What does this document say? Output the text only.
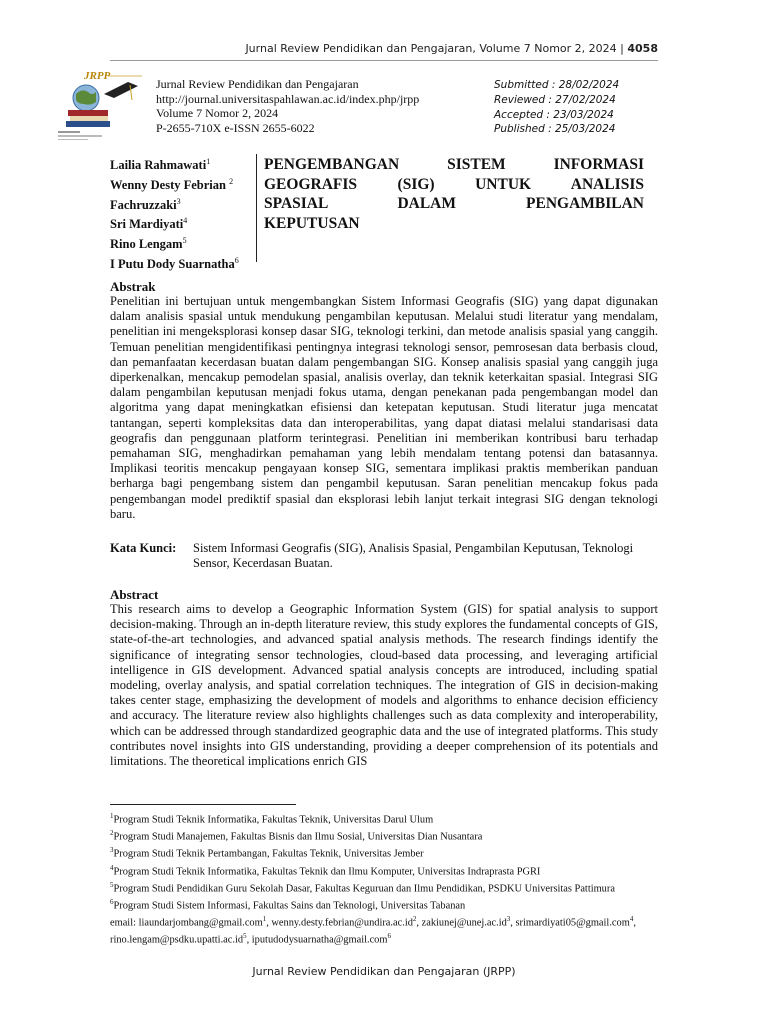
Jurnal Review Pendidikan dan Pengajaran, Volume 7 Nomor 2, 2024 | 4058
JRPP
Jurnal Review Pendidikan dan Pengajaran
http://journal.universitaspahlawan.ac.id/index.php/jrpp
Volume 7 Nomor 2, 2024
P-2655-710X e-ISSN 2655-6022
Submitted : 28/02/2024
Reviewed : 27/02/2024
Accepted : 23/03/2024
Published : 25/03/2024
Lailia Rahmawati$^1$
Wenny Desty Febrian $^2$
Fachruzzaki$^3$
Sri Mardiyati$^4$
Rino Lengam$^5$
I Putu Dody Suarnatha$^6$
PENGEMBANGAN SISTEM INFORMASI
GEOGRAFIS (SIG) UNTUK ANALISIS
SPASIAL DALAM PENGAMBILAN
KEPUTUSAN
Abstrak
Penelitian ini bertujuan untuk mengembangkan Sistem Informasi Geografis (SIG) yang dapat digunakan dalam analisis spasial untuk mendukung pengambilan keputusan. Melalui studi literatur yang mendalam, penelitian ini mengeksplorasi konsep dasar SIG, teknologi terkini, dan metode analisis spasial yang canggih. Temuan penelitian mengidentifikasi pentingnya integrasi teknologi sensor, pemrosesan data berbasis cloud, dan pemanfaatan kecerdasan buatan dalam pengembangan SIG. Konsep analisis spasial yang canggih juga diperkenalkan, mencakup pemodelan spasial, analisis overlay, dan teknik keterkaitan spasial. Integrasi SIG dalam pengambilan keputusan menjadi fokus utama, dengan penekanan pada pengembangan model dan algoritma yang dapat meningkatkan efisiensi dan ketepatan keputusan. Studi literatur juga mencatat tantangan, seperti kompleksitas data dan interoperabilitas, yang dapat diatasi melalui standarisasi data geografis dan penggunaan platform terintegrasi. Penelitian ini memberikan kontribusi baru terhadap pemahaman SIG, menghadirkan pemahaman yang lebih mendalam tentang potensi dan batasannya. Implikasi teoritis mencakup pengayaan konsep SIG, sementara implikasi praktis memberikan panduan berharga bagi pengembang sistem dan pengambil keputusan. Saran penelitian mencakup fokus pada pengembangan model prediktif spasial dan eksplorasi lebih lanjut terkait integrasi SIG dengan teknologi baru.
Kata Kunci:	Sistem Informasi Geografis (SIG), Analisis Spasial, Pengambilan Keputusan, Teknologi Sensor, Kecerdasan Buatan.
Abstract
This research aims to develop a Geographic Information System (GIS) for spatial analysis to support decision-making. Through an in-depth literature review, this study explores the fundamental concepts of GIS, state-of-the-art technologies, and advanced spatial analysis methods. The research findings identify the significance of integrating sensor technologies, cloud-based data processing, and leveraging artificial intelligence in GIS development. Advanced spatial analysis concepts are introduced, including spatial modeling, overlay analysis, and spatial correlation techniques. The integration of GIS in decision-making takes center stage, emphasizing the development of models and algorithms to enhance decision efficiency and accuracy. The literature review also highlights challenges such as data complexity and interoperability, which can be addressed through standardized geographic data and the use of integrated platforms. This study contributes novel insights into GIS understanding, providing a deeper comprehension of its potentials and limitations. The theoretical implications enrich GIS
$^1$Program Studi Teknik Informatika, Fakultas Teknik, Universitas Darul Ulum
$^2$Program Studi Manajemen, Fakultas Bisnis dan Ilmu Sosial, Universitas Dian Nusantara
$^3$Program Studi Teknik Pertambangan, Fakultas Teknik, Universitas Jember
$^4$Program Studi Teknik Informatika, Fakultas Teknik dan Ilmu Komputer, Universitas Indraprasta PGRI
$^5$Program Studi Pendidikan Guru Sekolah Dasar, Fakultas Keguruan dan Ilmu Pendidikan, PSDKU Universitas Pattimura
$^6$Program Studi Sistem Informasi, Fakultas Sains dan Teknologi, Universitas Tabanan
email: liaundarjombang@gmail.com$^1$, $wenny.desty.febrian@undira.ac.id^2$, $zakiunej@unej.ac.id^3$, srimardiyati05@gmail.com$^4$, $rino.lengam@psdku.upatti.ac.id^5$, iputudodysuarnatha@gmail.com$^6$
Jurnal Review Pendidikan dan Pengajaran (JRPP)
